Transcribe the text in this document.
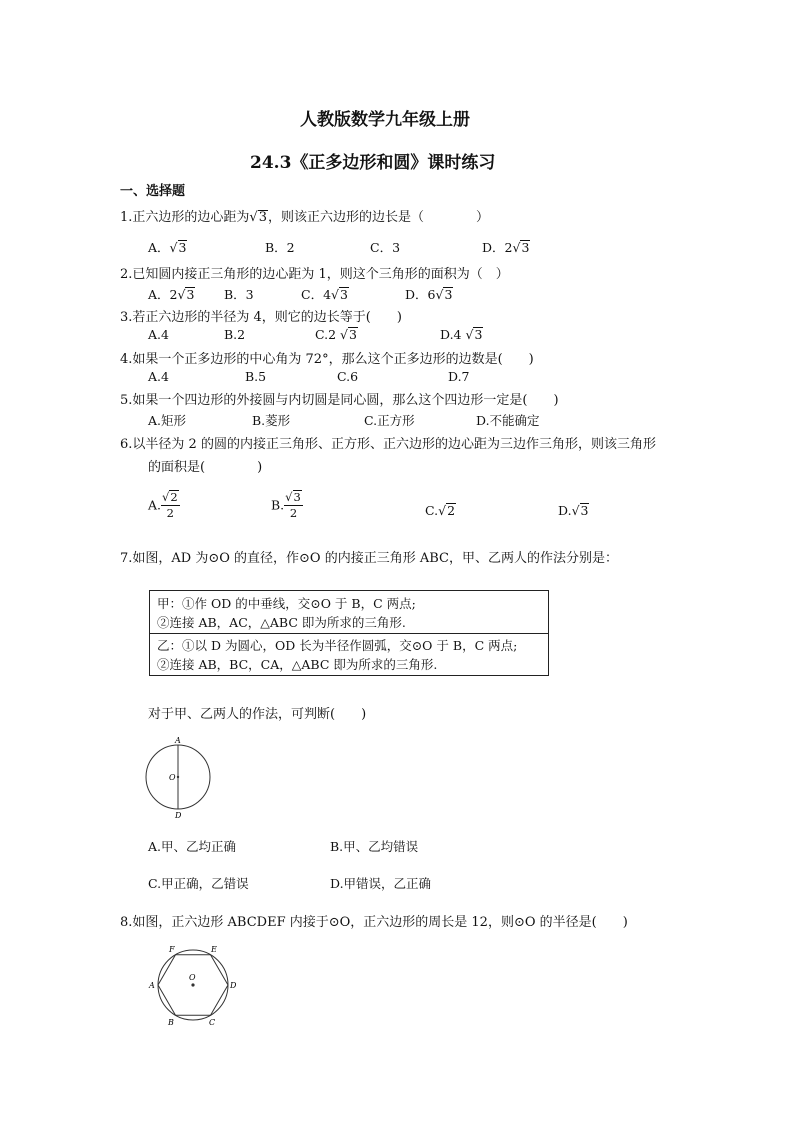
人教版数学九年级上册
24.3《正多边形和圆》课时练习
一、选择题
1.正六边形的边心距为√3，则该正六边形的边长是（　　　　）
A．√3	B．2	C．3	D．2√3
2.已知圆内接正三角形的边心距为 1，则这个三角形的面积为（　）
A．2√3 B．3	C．4√3	D．6√3
3.若正六边形的半径为 4，则它的边长等于(　　)
A.4	B.2	C.2 √3	D.4 √3
4.如果一个正多边形的中心角为 72°，那么这个正多边形的边数是(　　)
A.4	B.5	C.6	D.7
5.如果一个四边形的外接圆与内切圆是同心圆，那么这个四边形一定是(　　)
A.矩形	B.菱形	C.正方形	D.不能确定
6.以半径为 2 的圆的内接正三角形、正方形、正六边形的边心距为三边作三角形，则该三角形
的面积是(　　　　)
A. $\frac{√2}{2}$	B. $\frac{√3}{2}$	C.√2	D.√3
7.如图，AD 为⊙O 的直径，作⊙O 的内接正三角形 ABC，甲、乙两人的作法分别是：
甲：①作 OD 的中垂线，交⊙O 于 B，C 两点;
②连接 AB，AC，△ABC 即为所求的三角形.
乙：①以 D 为圆心，OD 长为半径作圆弧，交⊙O 于 B，C 两点;
②连接 AB，BC，CA，△ABC 即为所求的三角形.
对于甲、乙两人的作法，可判断(　　)
A
O
D
A.甲、乙均正确	B.甲、乙均错误
C.甲正确，乙错误	D.甲错误，乙正确
8.如图，正六边形 ABCDEF 内接于⊙O，正六边形的周长是 12，则⊙O 的半径是(　　)
O
A
B	C
D
E
F
